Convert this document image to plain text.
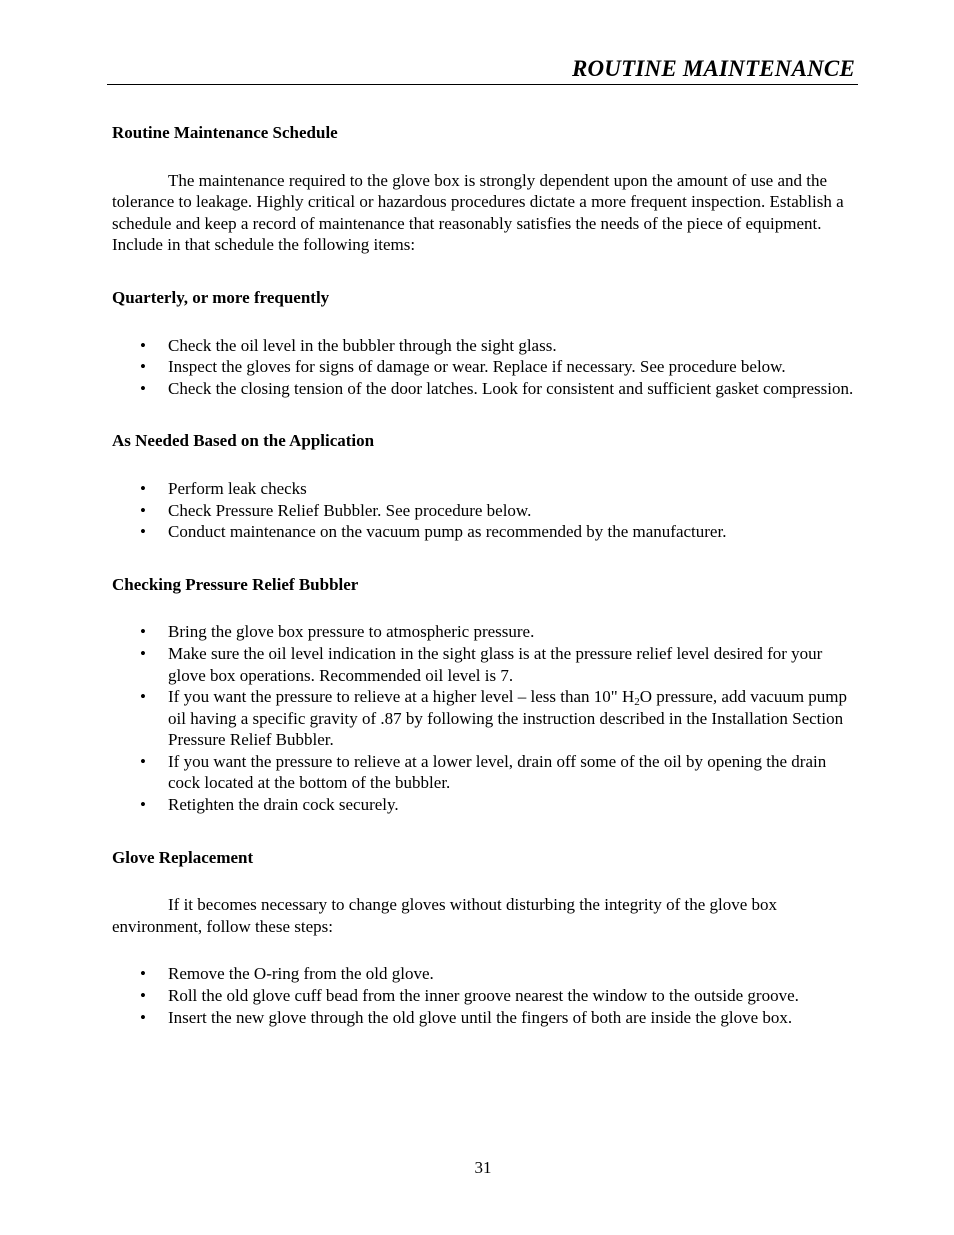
ROUTINE MAINTENANCE
Routine Maintenance Schedule

The maintenance required to the glove box is strongly dependent upon the amount of use and the tolerance to leakage. Highly critical or hazardous procedures dictate a more frequent inspection. Establish a schedule and keep a record of maintenance that reasonably satisfies the needs of the piece of equipment. Include in that schedule the following items:

Quarterly, or more frequently
• Check the oil level in the bubbler through the sight glass.
• Inspect the gloves for signs of damage or wear. Replace if necessary. See procedure below.
• Check the closing tension of the door latches. Look for consistent and sufficient gasket compression.
As Needed Based on the Application
• Perform leak checks
• Check Pressure Relief Bubbler. See procedure below.
• Conduct maintenance on the vacuum pump as recommended by the manufacturer.
Checking Pressure Relief Bubbler
• Bring the glove box pressure to atmospheric pressure.
• Make sure the oil level indication in the sight glass is at the pressure relief level desired for your glove box operations. Recommended oil level is 7.
• If you want the pressure to relieve at a higher level – less than 10" $H_2O$ pressure, add vacuum pump oil having a specific gravity of .87 by following the instruction described in the Installation Section Pressure Relief Bubbler.
• If you want the pressure to relieve at a lower level, drain off some of the oil by opening the drain cock located at the bottom of the bubbler.
• Retighten the drain cock securely.
Glove Replacement

If it becomes necessary to change gloves without disturbing the integrity of the glove box environment, follow these steps:

• Remove the O-ring from the old glove.
• Roll the old glove cuff bead from the inner groove nearest the window to the outside groove.
• Insert the new glove through the old glove until the fingers of both are inside the glove box.
31
